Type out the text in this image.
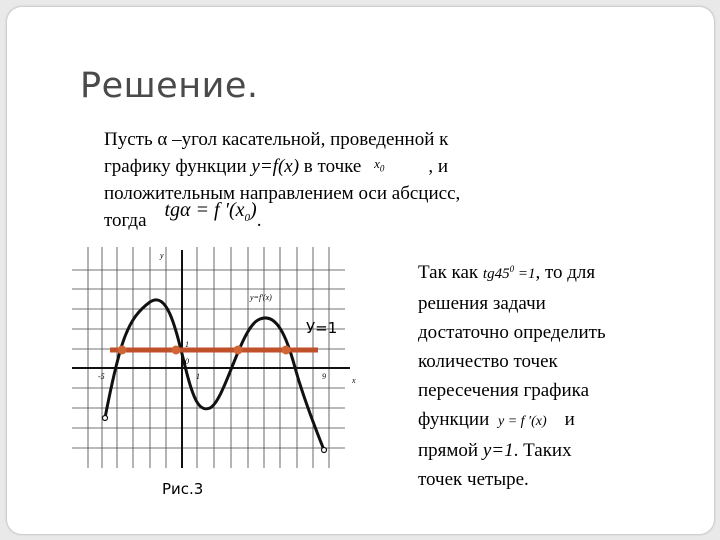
Решение.
Пусть α –угол касательной, проведенной к
графику функции y=f(x) в точке $^{x_0}$ , и
положительным направлением оси абсцисс,
тогда tgα = f $'(x_0)$.
Так как $tg45^0 =1$, то для
решения задачи
достаточно определить
количество точек
пересечения графика
функции y = f ′(x) и
прямой y=1. Таких
точек четыре.
y
x
y=f′(x)
1
0
-5	1	9
У=1
Рис.3
